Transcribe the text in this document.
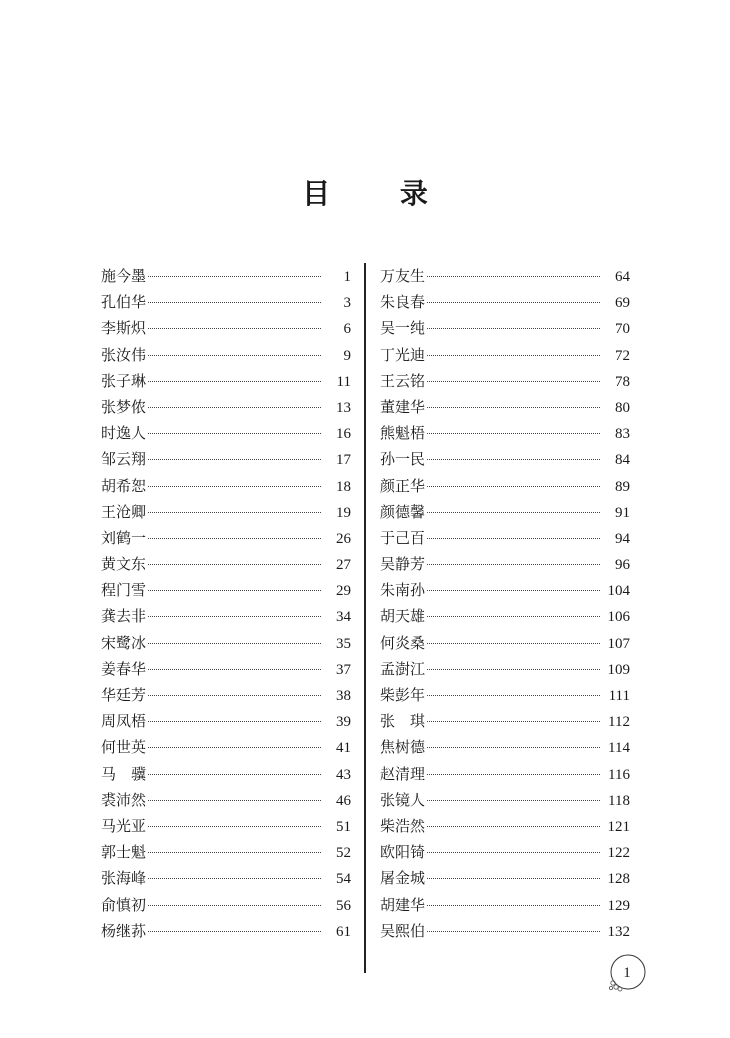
目 录
施今墨	1
孔伯华	3
李斯炽	6
张汝伟	9
张子琳	11
张梦侬	13
时逸人	16
邹云翔	17
胡希恕	18
王沧卿	19
刘鹤一	26
黄文东	27
程门雪	29
龚去非	34
宋鹭冰	35
姜春华	37
华廷芳	38
周凤梧	39
何世英	41
马　骥	43
裘沛然	46
马光亚	51
郭士魁	52
张海峰	54
俞慎初	56
杨继荪	61
万友生	64
朱良春	69
吴一纯	70
丁光迪	72
王云铭	78
董建华	80
熊魁梧	83
孙一民	84
颜正华	89
颜德馨	91
于己百	94
吴静芳	96
朱南孙	104
胡天雄	106
何炎桑	107
孟澍江	109
柴彭年	111
张　琪	112
焦树德	114
赵清理	116
张镜人	118
柴浩然	121
欧阳锜	122
屠金城	128
胡建华	129
吴熙伯	132
1
